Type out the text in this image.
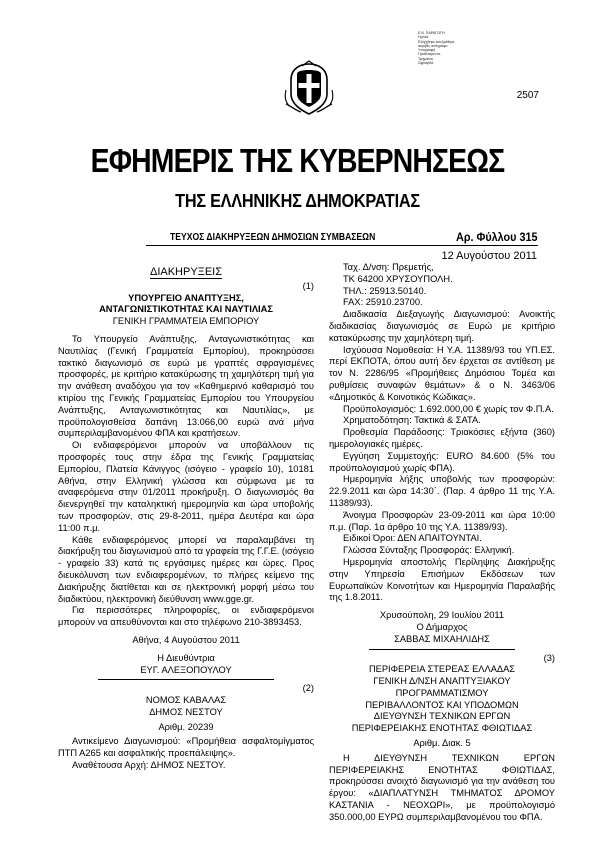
Ε.Β. ΠΑΡΑΓΩΓΗ
Ημ/νία
Ελέγχθηκε και βρέθηκε
ακριβές αντίγραφο
Υπογραφή
Προϊστάμενος
Τμήματος
Σφραγίδα
2507
ΕΦΗΜΕΡΙΣ ΤΗΣ ΚΥΒΕΡΝΗΣΕΩΣ
ΤΗΣ ΕΛΛΗΝΙΚΗΣ ΔΗΜΟΚΡΑΤΙΑΣ
ΤΕΥΧΟΣ ΔΙΑΚΗΡΥΞΕΩΝ ΔΗΜΟΣΙΩΝ ΣΥΜΒΑΣΕΩΝ	Αρ. Φύλλου 315
12 Αυγούστου 2011
ΔΙΑΚΗΡΥΞΕΙΣ

(1)

ΥΠΟΥΡΓΕΙΟ ΑΝΑΠΤΥΞΗΣ,

ΑΝΤΑΓΩΝΙΣΤΙΚΟΤΗΤΑΣ ΚΑΙ ΝΑΥΤΙΛΙΑΣ

ΓΕΝΙΚΗ ΓΡΑΜΜΑΤΕΙΑ ΕΜΠΟΡΙΟΥ

Το Υπουργείο Ανάπτυξης, Ανταγωνιστικότητας και Ναυτιλίας (Γενική Γραμματεία Εμπορίου), προκηρύσσει τακτικό διαγωνισμό σε ευρώ με γραπτές σφραγισμένες προσφορές, με κριτήριο κατακύρωσης τη χαμηλότερη τιμή για την ανάθεση αναδόχου για τον «Καθημερινό καθαρισμό του κτιρίου της Γενικής Γραμματείας Εμπορίου του Υπουργείου Ανάπτυξης, Ανταγωνιστικότητας και Ναυτιλίας», με προϋπολογισθείσα δαπάνη 13.066,00 ευρώ ανά μήνα συμπεριλαμβανομένου ΦΠΑ και κρατήσεων.

Οι ενδιαφερόμενοι μπορούν να υποβάλλουν τις προσφορές τους στην έδρα της Γενικής Γραμματείας Εμπορίου, Πλατεία Κάνιγγος (ισόγειο - γραφείο 10), 10181 Αθήνα, στην Ελληνική γλώσσα και σύμφωνα με τα αναφερόμενα στην 01/2011 προκήρυξη. Ο διαγωνισμός θα διενεργηθεί την καταληκτική ημερομηνία και ώρα υποβολής των προσφορών, στις 29-8-2011, ημέρα Δευτέρα και ώρα 11:00 π.μ.

Κάθε ενδιαφερόμενος μπορεί να παραλαμβάνει τη διακήρυξη του διαγωνισμού από τα γραφεία της Γ.Γ.Ε. (ισόγειο - γραφείο 33) κατά τις εργάσιμες ημέρες και ώρες. Προς διευκόλυνση των ενδιαφερομένων, το πλήρες κείμενο της Διακήρυξης διατίθεται και σε ηλεκτρονική μορφή μέσω του διαδικτύου, ηλεκτρονική διεύθυνση www.gge.gr.

Για περισσότερες πληροφορίες, οι ενδιαφερόμενοι μπορούν να απευθύνονται και στο τηλέφωνο 210-3893453.

Αθήνα, 4 Αυγούστου 2011

Η Διευθύντρια

ΕΥΓ. ΑΛΕΞΟΠΟΥΛΟΥ

(2)

ΝΟΜΟΣ ΚΑΒΑΛΑΣ

ΔΗΜΟΣ ΝΕΣΤΟΥ

Αριθμ. 20239

Αντικείμενο Διαγωνισμού: «Προμήθεια ασφαλτομίγματος ΠΤΠ Α265 και ασφαλτικής προεπάλειψης».

Αναθέτουσα Αρχή: ΔΗΜΟΣ ΝΕΣΤΟΥ.

Ταχ. Δ/νση: Πρεμετής,

ΤΚ 64200 ΧΡΥΣΟΥΠΟΛΗ.

ΤΗΛ.: 25913.50140.

FAX: 25910.23700.

Διαδικασία Διεξαγωγής Διαγωνισμού: Ανοικτής διαδικασίας διαγωνισμός σε Ευρώ με κριτήριο κατακύρωσης την χαμηλότερη τιμή.

Ισχύουσα Νομοθεσία: Η Υ.Α. 11389/93 του ΥΠ.ΕΣ. περί ΕΚΠΟΤΑ, όπου αυτή δεν έρχεται σε αντίθεση με τον Ν. 2286/95 «Προμήθειες Δημόσιου Τομέα και ρυθμίσεις συναφών θεμάτων» & ο Ν. 3463/06 «Δημοτικός & Κοινοτικός Κώδικας».

Προϋπολογισμός: 1.692.000,00 € χωρίς τον Φ.Π.Α.

Χρηματοδότηση: Τακτικά & ΣΑΤΑ.

Προθεσμία Παράδοσης: Τριακόσιες εξήντα (360) ημερολογιακές ημέρες.

Εγγύηση Συμμετοχής: EURO 84.600 (5% του προϋπολογισμού χωρίς ΦΠΑ).

Ημερομηνία λήξης υποβολής των προσφορών: 22.9.2011 και ώρα 14:30΄. (Παρ. 4 άρθρο 11 της Υ.Α. 11389/93).

Άνοιγμα Προσφορών 23-09-2011 και ώρα 10:00 π.μ. (Παρ. 1α άρθρο 10 της Υ.Α. 11389/93).

Ειδικοί Όροι: ΔΕΝ ΑΠΑΙΤΟΥΝΤΑΙ.

Γλώσσα Σύνταξης Προσφοράς: Ελληνική.

Ημερομηνία αποστολής Περίληψης Διακήρυξης στην Υπηρεσία Επισήμων Εκδόσεων των Ευρωπαϊκών Κοινοτήτων και Ημερομηνία Παραλαβής της 1.8.2011.

Χρυσούπολη, 29 Ιουλίου 2011

Ο Δήμαρχος

ΣΑΒΒΑΣ ΜΙΧΑΗΛΙΔΗΣ

(3)

ΠΕΡΙΦΕΡΕΙΑ ΣΤΕΡΕΑΣ ΕΛΛΑΔΑΣ

ΓΕΝΙΚΗ Δ/ΝΣΗ ΑΝΑΠΤΥΞΙΑΚΟΥ ΠΡΟΓΡΑΜΜΑΤΙΣΜΟΥ

ΠΕΡΙΒΑΛΛΟΝΤΟΣ ΚΑΙ ΥΠΟΔΟΜΩΝ

ΔΙΕΥΘΥΝΣΗ ΤΕΧΝΙΚΩΝ ΕΡΓΩΝ

ΠΕΡΙΦΕΡΕΙΑΚΗΣ ΕΝΟΤΗΤΑΣ ΦΘΙΩΤΙΔΑΣ

Αριθμ. Διακ. 5

Η ΔΙΕΥΘΥΝΣΗ ΤΕΧΝΙΚΩΝ ΕΡΓΩΝ ΠΕΡΙΦΕΡΕΙΑΚΗΣ ΕΝΟΤΗΤΑΣ ΦΘΙΩΤΙΔΑΣ, προκηρύσσει ανοιχτό διαγωνισμό για την ανάθεση του έργου: «ΔΙΑΠΛΑΤΥΝΣΗ ΤΜΗΜΑΤΟΣ ΔΡΟΜΟΥ ΚΑΣΤΑΝΙΑ - ΝΕΟΧΩΡΙ», με προϋπολογισμό 350.000,00 ΕΥΡΩ συμπεριλαμβανομένου του ΦΠΑ.
